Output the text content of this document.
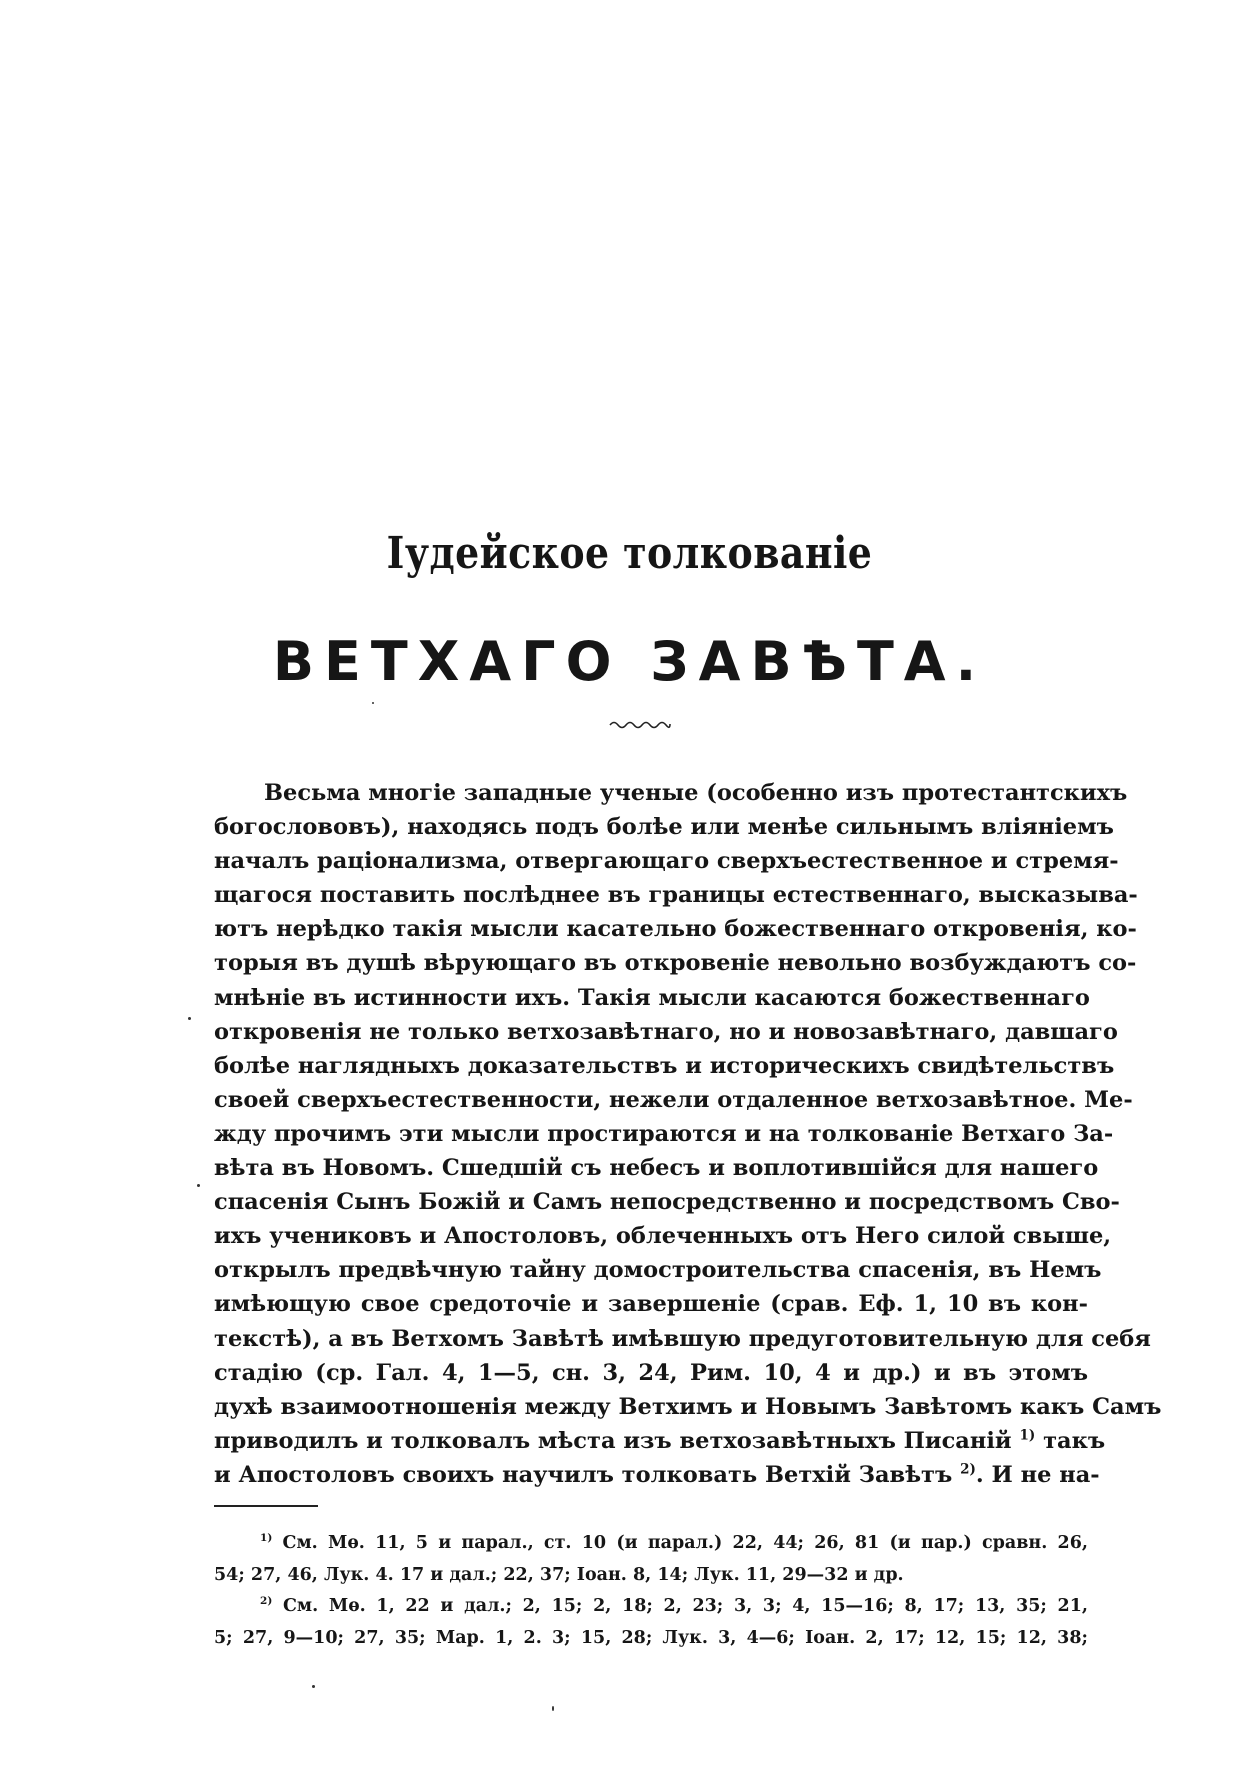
Іудейское толкованіе
ВЕТХАГО ЗАВѢТА.
Весьма многіе западные ученые (особенно изъ протестантскихъ
богослововъ), находясь подъ болѣе или менѣе сильнымъ вліяніемъ
началъ раціонализма, отвергающаго сверхъестественное и стремя-
щагося поставить послѣднее въ границы естественнаго, высказыва-
ютъ нерѣдко такія мысли касательно божественнаго откровенія, ко-
торыя въ душѣ вѣрующаго въ откровеніе невольно возбуждаютъ со-
мнѣніе въ истинности ихъ. Такія мысли касаются божественнаго
откровенія не только ветхозавѣтнаго, но и новозавѣтнаго, давшаго
болѣе наглядныхъ доказательствъ и историческихъ свидѣтельствъ
своей сверхъестественности, нежели отдаленное ветхозавѣтное. Ме-
жду прочимъ эти мысли простираются и на толкованіе Ветхаго За-
вѣта въ Новомъ. Сшедшій съ небесъ и воплотившійся для нашего
спасенія Сынъ Божій и Самъ непосредственно и посредствомъ Сво-
ихъ учениковъ и Апостоловъ, облеченныхъ отъ Него силой свыше,
открылъ предвѣчную тайну домостроительства спасенія, въ Немъ
имѣющую свое средоточіе и завершеніе (срав. Еф. 1, 10 въ кон-
текстѣ), а въ Ветхомъ Завѣтѣ имѣвшую предуготовительную для себя
стадію (ср. Гал. 4, 1—5, сн. 3, 24, Рим. 10, 4 и др.) и въ этомъ
духѣ взаимоотношенія между Ветхимъ и Новымъ Завѣтомъ какъ Самъ
приводилъ и толковалъ мѣста изъ ветхозавѣтныхъ Писаній $^{1)}$ такъ
и Апостоловъ своихъ научилъ толковать Ветхій Завѣтъ $^{2)}$. И не на-
$^{1)}$ См. Мѳ. 11, 5 и парал., ст. 10 (и парал.) 22, 44; 26, 81 (и пар.) сравн. 26,
54; 27, 46, Лук. 4. 17 и дал.; 22, 37; Іоан. 8, 14; Лук. 11, 29—32 и др.
$^{2)}$ См. Мѳ. 1, 22 и дал.; 2, 15; 2, 18; 2, 23; 3, 3; 4, 15—16; 8, 17; 13, 35; 21,
5; 27, 9—10; 27, 35; Мар. 1, 2. 3; 15, 28; Лук. 3, 4—6; Іоан. 2, 17; 12, 15; 12, 38;
